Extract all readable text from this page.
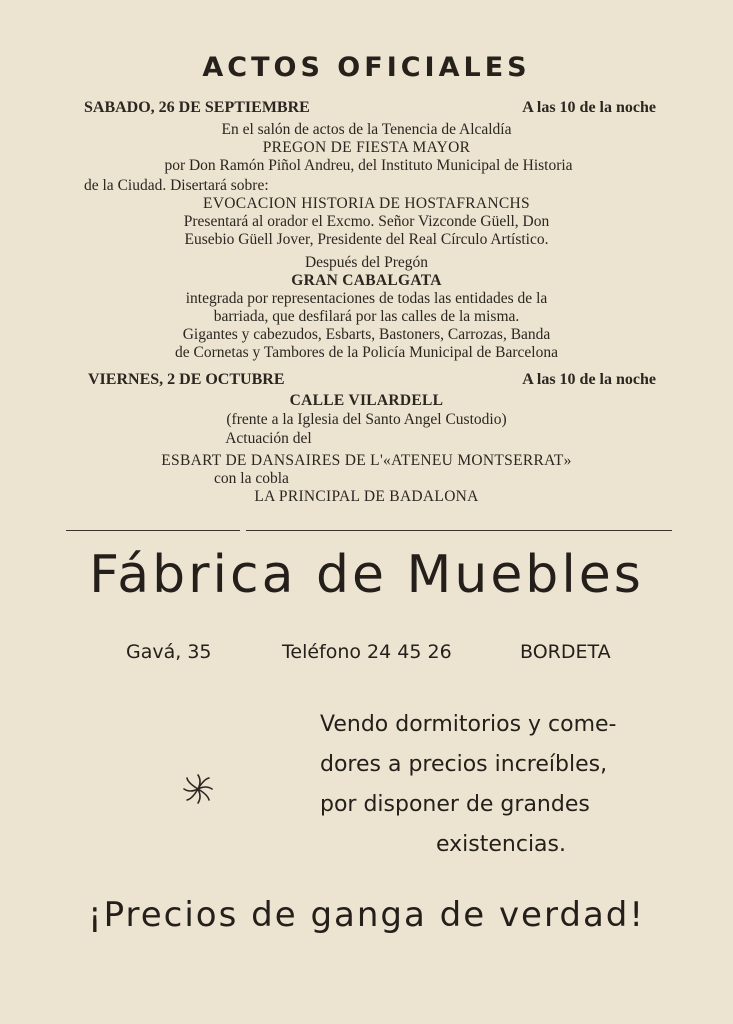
ACTOS OFICIALES
SABADO, 26 DE SEPTIEMBRE	A las 10 de la noche
En el salón de actos de la Tenencia de Alcaldía
PREGON DE FIESTA MAYOR
por Don Ramón Piñol Andreu, del Instituto Municipal de Historia
de la Ciudad. Disertará sobre:
EVOCACION HISTORIA DE HOSTAFRANCHS
Presentará al orador el Excmo. Señor Vizconde Güell, Don
Eusebio Güell Jover, Presidente del Real Círculo Artístico.
Después del Pregón
GRAN CABALGATA
integrada por representaciones de todas las entidades de la
barriada, que desfilará por las calles de la misma.
Gigantes y cabezudos, Esbarts, Bastoners, Carrozas, Banda
de Cornetas y Tambores de la Policía Municipal de Barcelona
VIERNES, 2 DE OCTUBRE	A las 10 de la noche
CALLE VILARDELL
(frente a la Iglesia del Santo Angel Custodio)
Actuación del
ESBART DE DANSAIRES DE L'«ATENEU MONTSERRAT»
con la cobla
LA PRINCIPAL DE BADALONA
Fábrica de Muebles
Gavá, 35	Teléfono 24 45 26	BORDETA
Vendo dormitorios y come-
dores a precios increíbles,
por disponer de grandes
existencias.
¡Precios de ganga de verdad!
